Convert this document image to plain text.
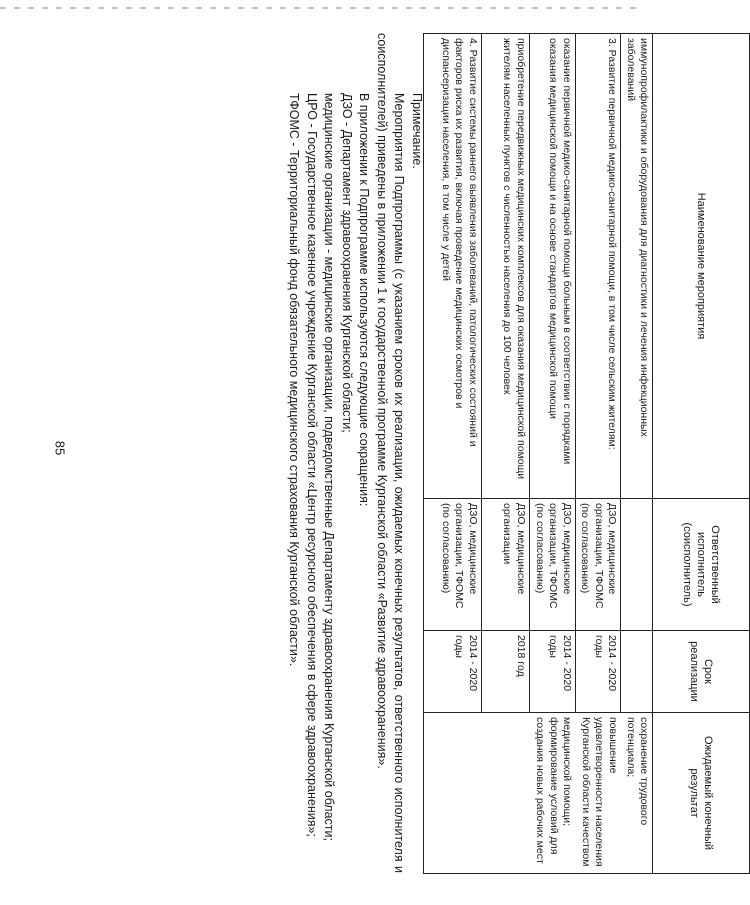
85
Наименование мероприятия	Ответственный исполнитель (соисполнитель)	Срок реализации	Ожидаемый конечный результат
иммунопрофилактики и оборудования для диагностики и лечения инфекционных заболеваний			сохранение трудового потенциала;
3. Развитие первичной медико-санитарной помощи, в том числе сельским жителям:	ДЗО, медицинские организации, ТФОМС (по согласованию)	2014 - 2020 годы	повышение удовлетворенности населения Курганской области качеством
оказание первичной медико-санитарной помощи больным в соответствии с порядками оказания медицинской помощи и на основе стандартов медицинской помощи	ДЗО, медицинские организации, ТФОМС (по согласованию)	2014 - 2020 годы	медицинской помощи; формирование условий для создания новых рабочих мест
приобретение передвижных медицинских комплексов для оказания медицинской помощи жителям населенных пунктов с численностью населения до 100 человек	ДЗО, медицинские организации	2018 год	
4. Развитие системы раннего выявления заболеваний, патологических состояний и факторов риска их развития, включая проведение медицинских осмотров и диспансеризации населения, в том числе у детей	ДЗО, медицинские организации, ТФОМС (по согласованию)	2014 - 2020 годы	

Примечание.

Мероприятия Подпрограммы (с указанием сроков их реализации, ожидаемых конечных результатов, ответственного исполнителя и соисполнителей) приведены в приложении 1 к государственной программе Курганской области «Развитие здравоохранения».

В приложении к Подпрограмме используются следующие сокращения:

ДЗО - Департамент здравоохранения Курганской области;

медицинские организации - медицинские организации, подведомственные Департаменту здравоохранения Курганской области;

ЦРО - Государственное казенное учреждение Курганской области «Центр ресурсного обеспечения в сфере здравоохранения»;

ТФОМС - Территориальный фонд обязательного медицинского страхования Курганской области».
